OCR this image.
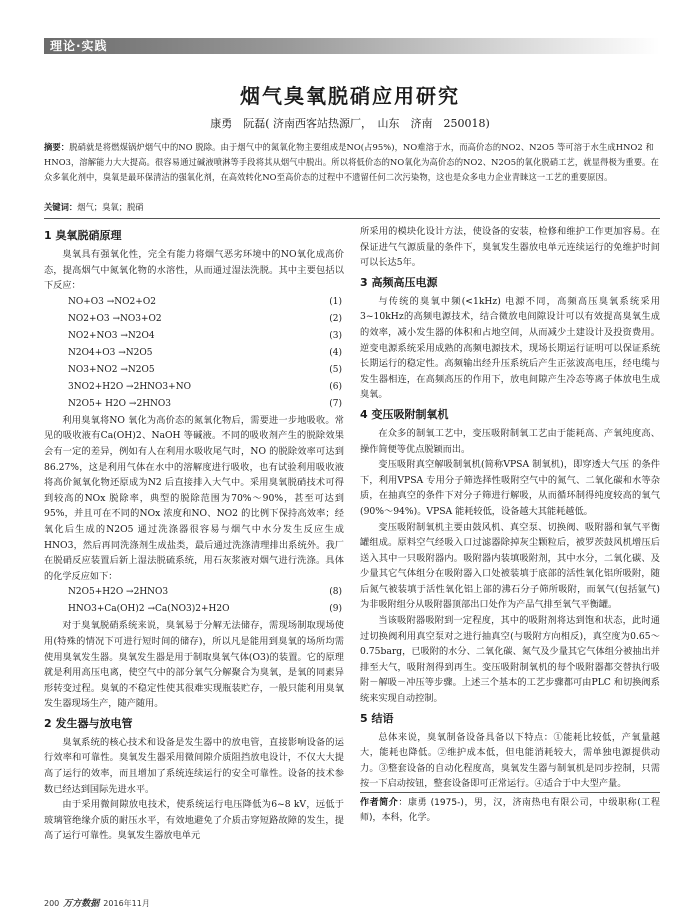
理论·实践
烟气臭氧脱硝应用研究
康勇　阮磊( 济南西客站热源厂，　山东　济南　250018)
摘要：脱硝就是将燃煤锅炉烟气中的NO 脱除。由于烟气中的氮氧化物主要组成是NO(占95%)，NO难溶于水，而高价态的NO2、N2O5 等可溶于水生成HNO2 和HNO3，溶解能力大大提高。很容易通过碱液喷淋等手段将其从烟气中脱出。所以将低价态的NO氧化为高价态的NO2、N2O5的氧化脱硝工艺，就显得极为重要。在众多氧化剂中，臭氧是最环保清洁的强氧化剂，在高效转化NO至高价态的过程中不遗留任何二次污染物，这也是众多电力企业青睐这一工艺的重要原因。
关键词：烟气；臭氧；脱硝
1 臭氧脱硝原理

臭氧具有强氧化性，完全有能力将烟气恶劣环境中的NO氧化成高价态，提高烟气中氮氧化物的水溶性，从而通过湿法洗脱。其中主要包括以下反应：

NO+O3 →NO2+O2	(1)
NO2+O3 →NO3+O2	(2)
NO2+NO3 →N2O4	(3)
N2O4+O3 →N2O5	(4)
NO3+NO2 →N2O5	(5)
3NO2+H2O →2HNO3+NO	(6)
N2O5+ H2O →2HNO3	(7)

利用臭氧将NO 氧化为高价态的氮氧化物后，需要进一步地吸收。常见的吸收液有Ca(OH)2、NaOH 等碱液。不同的吸收剂产生的脱除效果会有一定的差异，例如有人在利用水吸收尾气时，NO 的脱除效率可达到86.27%，这是利用气体在水中的溶解度进行吸收，也有试验利用吸收液将高价氮氧化物还原成为N2 后直接排入大气中。采用臭氧脱硝技术可得到较高的NOx 脱除率，典型的脱除范围为70%～90%，甚至可达到95%，并且可在不同的NOx 浓度和NO、NO2 的比例下保持高效率；经氧化后生成的N2O5 通过洗涤器很容易与烟气中水分发生反应生成HNO3，然后再同洗涤剂生成盐类，最后通过洗涤清理排出系统外。我厂在脱硝反应装置后新上湿法脱硫系统，用石灰浆液对烟气进行洗涤。具体的化学反应如下：

N2O5+H2O →2HNO3	(8)
HNO3+Ca(OH)2 →Ca(NO3)2+H2O	(9)

对于臭氧脱硝系统来说，臭氧易于分解无法储存，需现场制取现场使用(特殊的情况下可进行短时间的储存)，所以凡是能用到臭氧的场所均需使用臭氧发生器。臭氧发生器是用于制取臭氧气体(O3)的装置。它的原理就是利用高压电离，使空气中的部分氧气分解聚合为臭氧，是氧的同素异形转变过程。臭氧的不稳定性使其很难实现瓶装贮存，一般只能利用臭氧发生器现场生产，随产随用。

2 发生器与放电管

臭氧系统的核心技术和设备是发生器中的放电管，直接影响设备的运行效率和可靠性。臭氧发生器采用微间隙介质阻挡放电设计，不仅大大提高了运行的效率，而且增加了系统连续运行的安全可靠性。设备的技术参数已经达到国际先进水平。

由于采用微间隙放电技术，使系统运行电压降低为6~8 kV，远低于玻璃管绝缘介质的耐压水平，有效地避免了介质击穿短路故障的发生，提高了运行可靠性。臭氧发生器放电单元

所采用的模块化设计方法，使设备的安装，检修和维护工作更加容易。在保证进气气源质量的条件下，臭氧发生器放电单元连续运行的免维护时间可以长达5年。

3 高频高压电源

与传统的臭氧中频(<1kHz) 电源不同，高频高压臭氧系统采用3~10kHz的高频电源技术，结合微放电间隙设计可以有效提高臭氧生成的效率，减小发生器的体积和占地空间，从而减少土建设计及投资费用。逆变电源系统采用成熟的高频电源技术，现场长期运行证明可以保证系统长期运行的稳定性。高频输出经升压系统后产生正弦波高电压，经电缆与发生器相连，在高频高压的作用下，放电间隙产生冷态等离子体放电生成臭氧。

4 变压吸附制氧机

在众多的制氧工艺中，变压吸附制氧工艺由于能耗高、产氧纯度高、操作简便等优点脱颖而出。

变压吸附真空解吸制氧机(简称VPSA 制氧机)，即穿透大气压 的条件下，利用VPSA 专用分子筛选择性吸附空气中的氮气、二氧化碳和水等杂质，在抽真空的条件下对分子筛进行解吸，从而循环制得纯度较高的氧气(90%～94%)。VPSA 能耗较低，设备越大其能耗越低。

变压吸附制氧机主要由鼓风机、真空泵、切换阀、吸附器和氧气平衡罐组成。原料空气经吸入口过滤器除掉灰尘颗粒后，被罗茨鼓风机增压后送入其中一只吸附器内。吸附器内装填吸附剂，其中水分，二氧化碳、及少量其它气体组分在吸附器入口处被装填于底部的活性氧化铝所吸附，随后氮气被装填于活性氧化铝上部的沸石分子筛所吸附，而氧气(包括氩气)为非吸附组分从吸附器顶部出口处作为产品气排至氧气平衡罐。

当该吸附器吸附到一定程度，其中的吸附剂将达到饱和状态，此时通过切换阀利用真空泵对之进行抽真空(与吸附方向相反)，真空度为0.65～0.75barg，已吸附的水分、二氧化碳、氮气及少量其它气体组分被抽出并排至大气，吸附剂得到再生。变压吸附制氧机的每个吸附器都交替执行吸附－解吸－冲压等步骤。上述三个基本的工艺步骤都可由PLC 和切换阀系统来实现自动控制。

5 结语

总体来说，臭氧制备设备具备以下特点：①能耗比较低，产氧量越大，能耗也降低。②维护成本低，但电能消耗较大，需单独电源提供动力。③整套设备的自动化程度高，臭氧发生器与制氧机是同步控制，只需按一下启动按钮，整套设备即可正常运行。④适合于中大型产量。

作者简介：康勇 (1975-)，男，汉，济南热电有限公司，中级职称(工程师)，本科，化学。

200 万方数据 2016年11月
